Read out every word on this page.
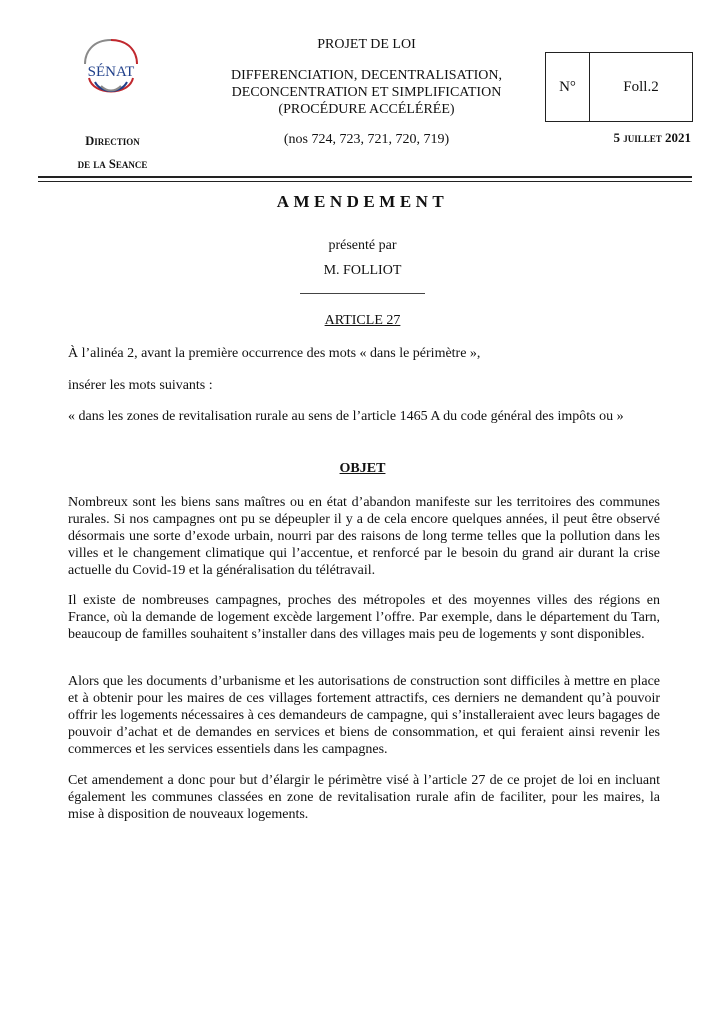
SÉNAT
Direction
de la Seance
PROJET DE LOI
DIFFERENCIATION, DECENTRALISATION,
DECONCENTRATION ET SIMPLIFICATION
(PROCÉDURE ACCÉLÉRÉE)
(nos 724, 723, 721, 720, 719)
N°	Foll.2
5 juillet 2021
AMENDEMENT
présenté par
M. FOLLIOT
ARTICLE 27
À l’alinéa 2, avant la première occurrence des mots « dans le périmètre »,
insérer les mots suivants :
« dans les zones de revitalisation rurale au sens de l’article 1465 A du code général des impôts ou »
OBJET
Nombreux sont les biens sans maîtres ou en état d’abandon manifeste sur les territoires des communes rurales. Si nos campagnes ont pu se dépeupler il y a de cela encore quelques années, il peut être observé désormais une sorte d’exode urbain, nourri par des raisons de long terme telles que la pollution dans les villes et le changement climatique qui l’accentue, et renforcé par le besoin du grand air durant la crise actuelle du Covid-19 et la généralisation du télétravail.
Il existe de nombreuses campagnes, proches des métropoles et des moyennes villes des régions en France, où la demande de logement excède largement l’offre. Par exemple, dans le département du Tarn, beaucoup de familles souhaitent s’installer dans des villages mais peu de logements y sont disponibles.
Alors que les documents d’urbanisme et les autorisations de construction sont difficiles à mettre en place et à obtenir pour les maires de ces villages fortement attractifs, ces derniers ne demandent qu’à pouvoir offrir les logements nécessaires à ces demandeurs de campagne, qui s’installeraient avec leurs bagages de pouvoir d’achat et de demandes en services et biens de consommation, et qui feraient ainsi revenir les commerces et les services essentiels dans les campagnes.
Cet amendement a donc pour but d’élargir le périmètre visé à l’article 27 de ce projet de loi en incluant également les communes classées en zone de revitalisation rurale afin de faciliter, pour les maires, la mise à disposition de nouveaux logements.
